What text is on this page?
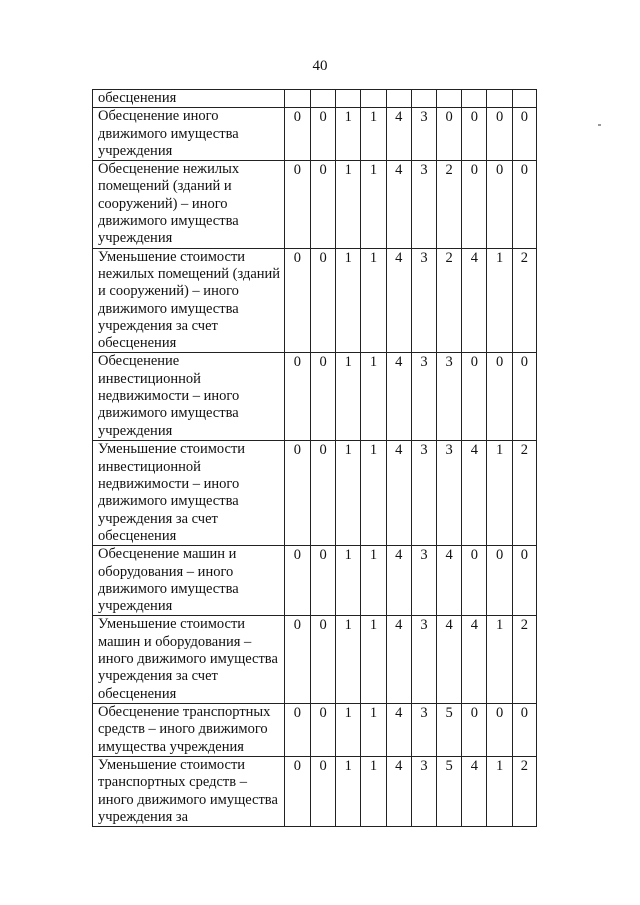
40
обесценения										
Обесценение иного движимого имущества учреждения	0	0	1	1	4	3	0	0	0	0
Обесценение нежилых помещений (зданий и сооружений) – иного движимого имущества учреждения	0	0	1	1	4	3	2	0	0	0
Уменьшение стоимости нежилых помещений (зданий и сооружений) – иного движимого имущества учреждения за счет обесценения	0	0	1	1	4	3	2	4	1	2
Обесценение инвестиционной недвижимости – иного движимого имущества учреждения	0	0	1	1	4	3	3	0	0	0
Уменьшение стоимости инвестиционной недвижимости – иного движимого имущества учреждения за счет обесценения	0	0	1	1	4	3	3	4	1	2
Обесценение машин и оборудования – иного движимого имущества учреждения	0	0	1	1	4	3	4	0	0	0
Уменьшение стоимости машин и оборудования – иного движимого имущества учреждения за счет обесценения	0	0	1	1	4	3	4	4	1	2
Обесценение транспортных средств – иного движимого имущества учреждения	0	0	1	1	4	3	5	0	0	0
Уменьшение стоимости транспортных средств – иного движимого имущества учреждения за	0	0	1	1	4	3	5	4	1	2
